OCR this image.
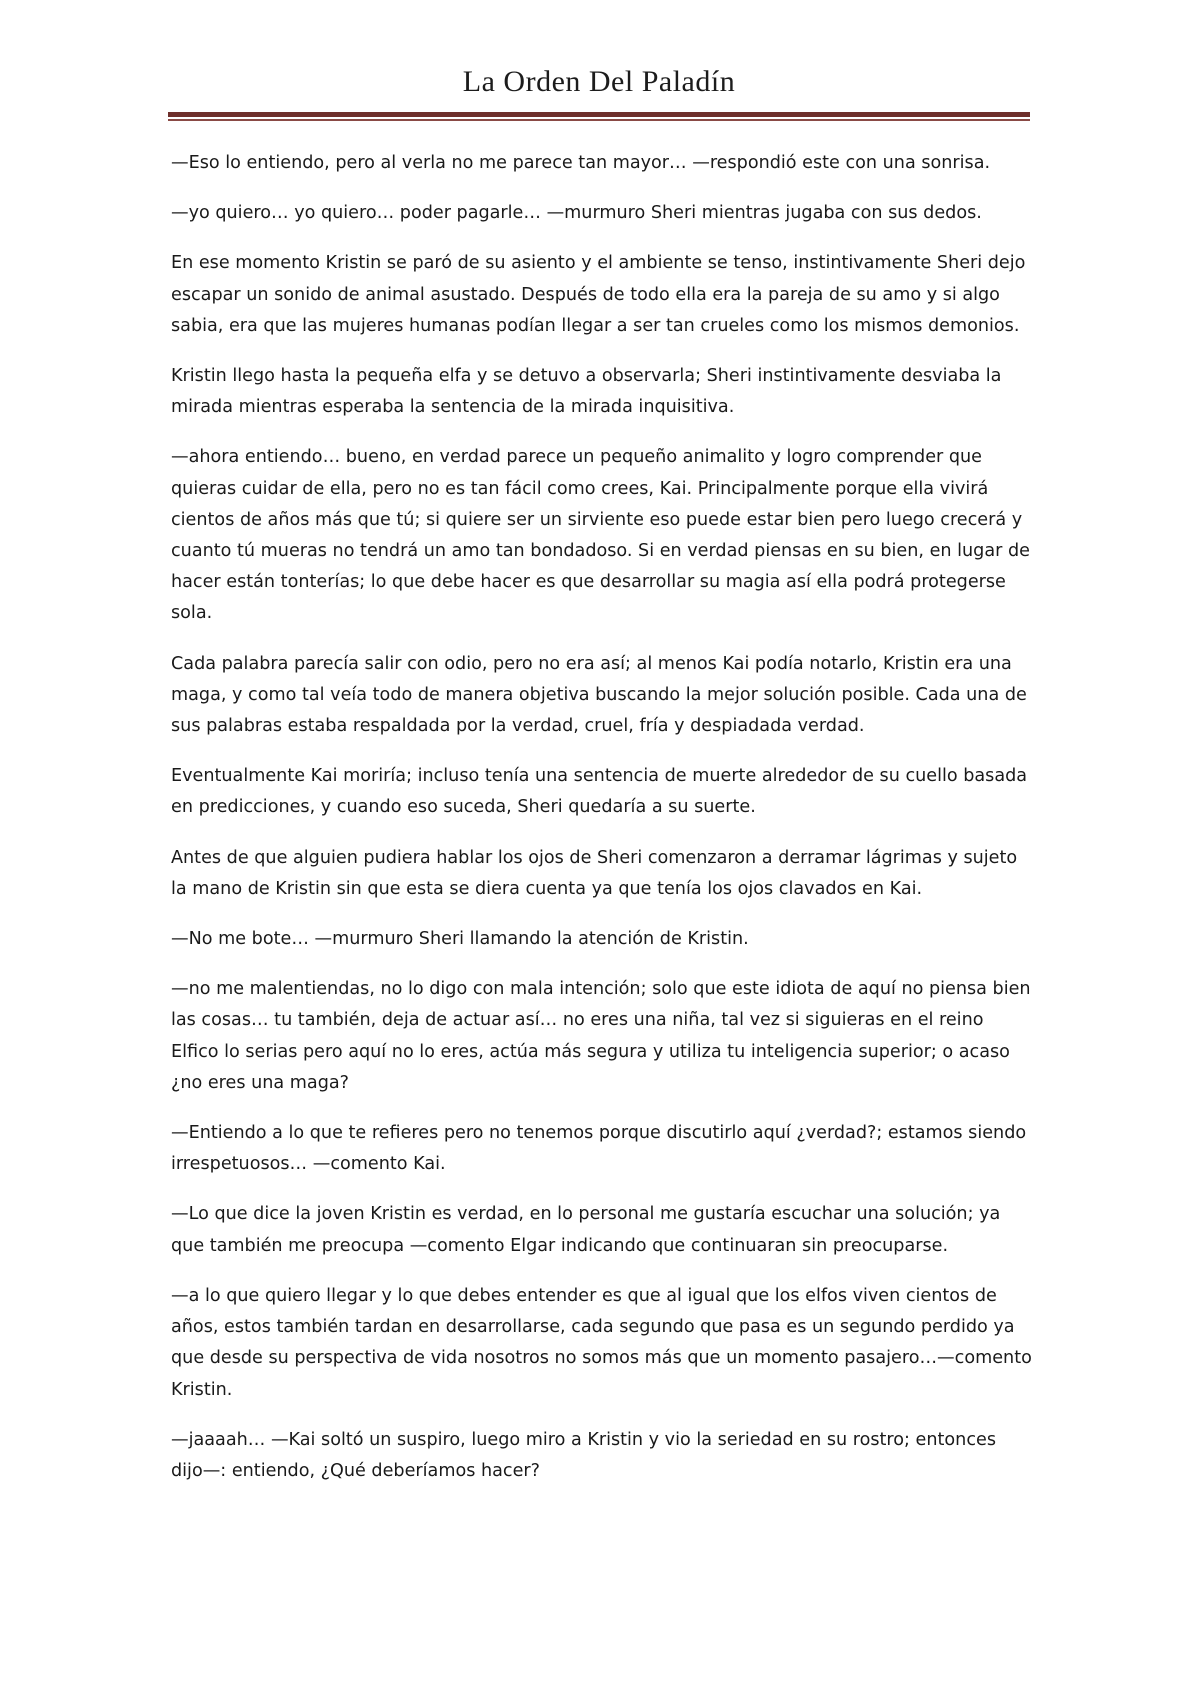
La Orden Del Paladín

—Eso lo entiendo, pero al verla no me parece tan mayor… —respondió este con una sonrisa.

—yo quiero… yo quiero… poder pagarle… —murmuro Sheri mientras jugaba con sus dedos.

En ese momento Kristin se paró de su asiento y el ambiente se tenso, instintivamente Sheri dejo escapar un sonido de animal asustado. Después de todo ella era la pareja de su amo y si algo sabia, era que las mujeres humanas podían llegar a ser tan crueles como los mismos demonios.

Kristin llego hasta la pequeña elfa y se detuvo a observarla; Sheri instintivamente desviaba la mirada mientras esperaba la sentencia de la mirada inquisitiva.

—ahora entiendo… bueno, en verdad parece un pequeño animalito y logro comprender que quieras cuidar de ella, pero no es tan fácil como crees, Kai. Principalmente porque ella vivirá cientos de años más que tú; si quiere ser un sirviente eso puede estar bien pero luego crecerá y cuanto tú mueras no tendrá un amo tan bondadoso. Si en verdad piensas en su bien, en lugar de hacer están tonterías; lo que debe hacer es que desarrollar su magia así ella podrá protegerse sola.

Cada palabra parecía salir con odio, pero no era así; al menos Kai podía notarlo, Kristin era una maga, y como tal veía todo de manera objetiva buscando la mejor solución posible. Cada una de sus palabras estaba respaldada por la verdad, cruel, fría y despiadada verdad.

Eventualmente Kai moriría; incluso tenía una sentencia de muerte alrededor de su cuello basada en predicciones, y cuando eso suceda, Sheri quedaría a su suerte.

Antes de que alguien pudiera hablar los ojos de Sheri comenzaron a derramar lágrimas y sujeto la mano de Kristin sin que esta se diera cuenta ya que tenía los ojos clavados en Kai.

—No me bote… —murmuro Sheri llamando la atención de Kristin.

—no me malentiendas, no lo digo con mala intención; solo que este idiota de aquí no piensa bien las cosas… tu también, deja de actuar así… no eres una niña, tal vez si siguieras en el reino Elfico lo serias pero aquí no lo eres, actúa más segura y utiliza tu inteligencia superior; o acaso ¿no eres una maga?

—Entiendo a lo que te refieres pero no tenemos porque discutirlo aquí ¿verdad?; estamos siendo irrespetuosos… —comento Kai.

—Lo que dice la joven Kristin es verdad, en lo personal me gustaría escuchar una solución; ya que también me preocupa —comento Elgar indicando que continuaran sin preocuparse.

—a lo que quiero llegar y lo que debes entender es que al igual que los elfos viven cientos de años, estos también tardan en desarrollarse, cada segundo que pasa es un segundo perdido ya que desde su perspectiva de vida nosotros no somos más que un momento pasajero…—comento Kristin.

—jaaaah… —Kai soltó un suspiro, luego miro a Kristin y vio la seriedad en su rostro; entonces dijo—: entiendo, ¿Qué deberíamos hacer?
